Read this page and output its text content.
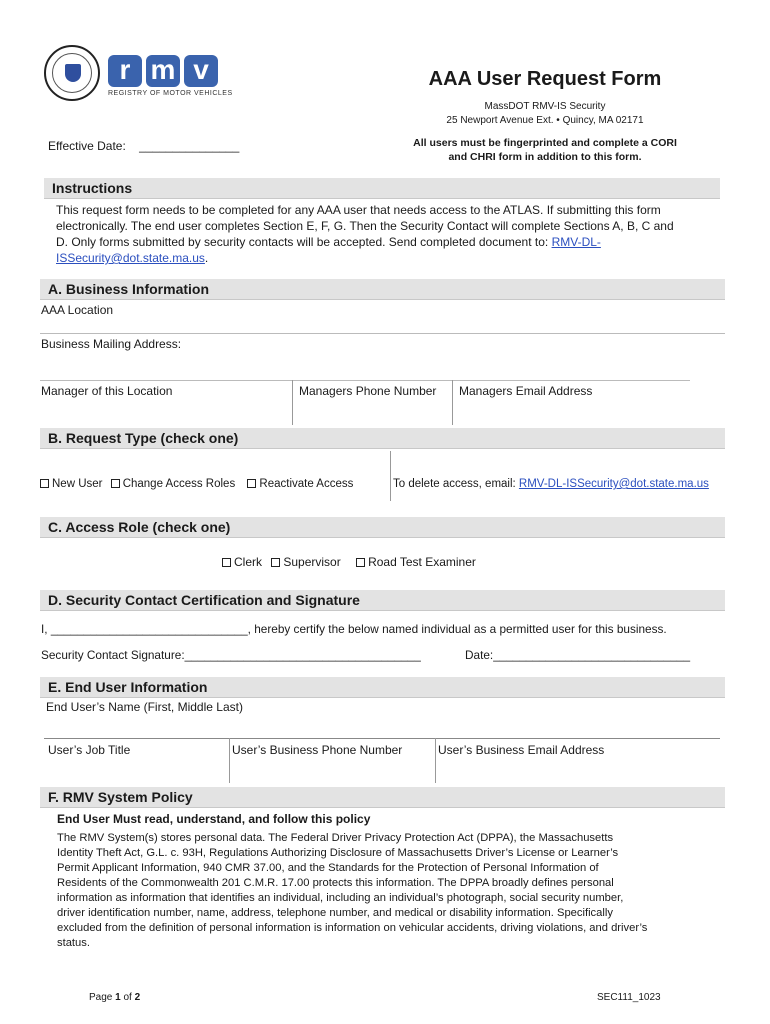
r m v
REGISTRY OF MOTOR VEHICLES
AAA User Request Form
MassDOT RMV-IS Security
25 Newport Avenue Ext. • Quincy, MA 02171
Effective Date: _______________	All users must be fingerprinted and complete a CORI
and CHRI form in addition to this form.
Instructions
This request form needs to be completed for any AAA user that needs access to the ATLAS. If submitting this form
electronically. The end user completes Section E, F, G. Then the Security Contact will complete Sections A, B, C and
D. Only forms submitted by security contacts will be accepted. Send completed document to: RMV-DL-
ISSecurity@dot.state.ma.us.
A. Business Information
AAA Location
Business Mailing Address:
Manager of this Location	Managers Phone Number Managers Email Address
B. Request Type (check one)
New User Change Access Roles Reactivate Access	To delete access, email: RMV-DL-ISSecurity@dot.state.ma.us
C. Access Role (check one)
Clerk Supervisor Road Test Examiner
D. Security Contact Certification and Signature
I, ______________________________, hereby certify the below named individual as a permitted user for this business.
Security Contact Signature:____________________________________	Date:______________________________
E. End User Information
End User’s Name (First, Middle Last)
User’s Job Title	User’s Business Phone Number	User’s Business Email Address
F. RMV System Policy
End User Must read, understand, and follow this policy
The RMV System(s) stores personal data. The Federal Driver Privacy Protection Act (DPPA), the Massachusetts
Identity Theft Act, G.L. c. 93H, Regulations Authorizing Disclosure of Massachusetts Driver’s License or Learner’s
Permit Applicant Information, 940 CMR 37.00, and the Standards for the Protection of Personal Information of
Residents of the Commonwealth 201 C.M.R. 17.00 protects this information. The DPPA broadly defines personal
information as information that identifies an individual, including an individual’s photograph, social security number,
driver identification number, name, address, telephone number, and medical or disability information. Specifically
excluded from the definition of personal information is information on vehicular accidents, driving violations, and driver’s
status.
Page 1 of 2	SEC111_1023
